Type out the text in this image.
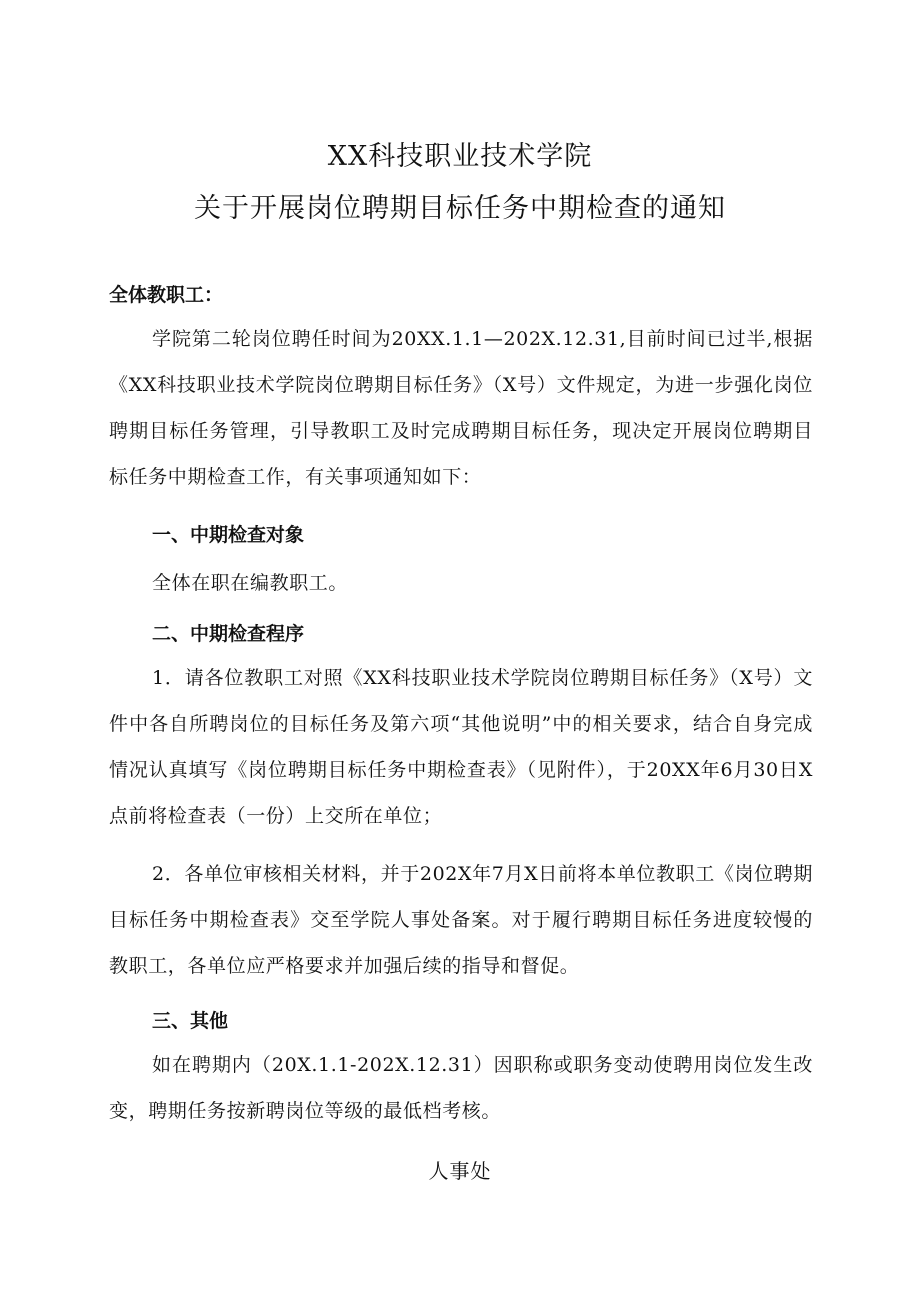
XX科技职业技术学院
关于开展岗位聘期目标任务中期检查的通知
全体教职工：

学院第二轮岗位聘任时间为20XX.1.1—202X.12.31,目前时间已过半,根据《XX科技职业技术学院岗位聘期目标任务》（X号）文件规定，为进一步强化岗位聘期目标任务管理，引导教职工及时完成聘期目标任务，现决定开展岗位聘期目标任务中期检查工作，有关事项通知如下：

一、中期检查对象
全体在职在编教职工。
二、中期检查程序

1．请各位教职工对照《XX科技职业技术学院岗位聘期目标任务》（X号）文件中各自所聘岗位的目标任务及第六项“其他说明”中的相关要求，结合自身完成情况认真填写《岗位聘期目标任务中期检查表》（见附件），于20XX年6月30日X点前将检查表（一份）上交所在单位；

2．各单位审核相关材料，并于202X年7月X日前将本单位教职工《岗位聘期目标任务中期检查表》交至学院人事处备案。对于履行聘期目标任务进度较慢的教职工，各单位应严格要求并加强后续的指导和督促。

三、其他

如在聘期内（20X.1.1-202X.12.31）因职称或职务变动使聘用岗位发生改变，聘期任务按新聘岗位等级的最低档考核。

人事处
